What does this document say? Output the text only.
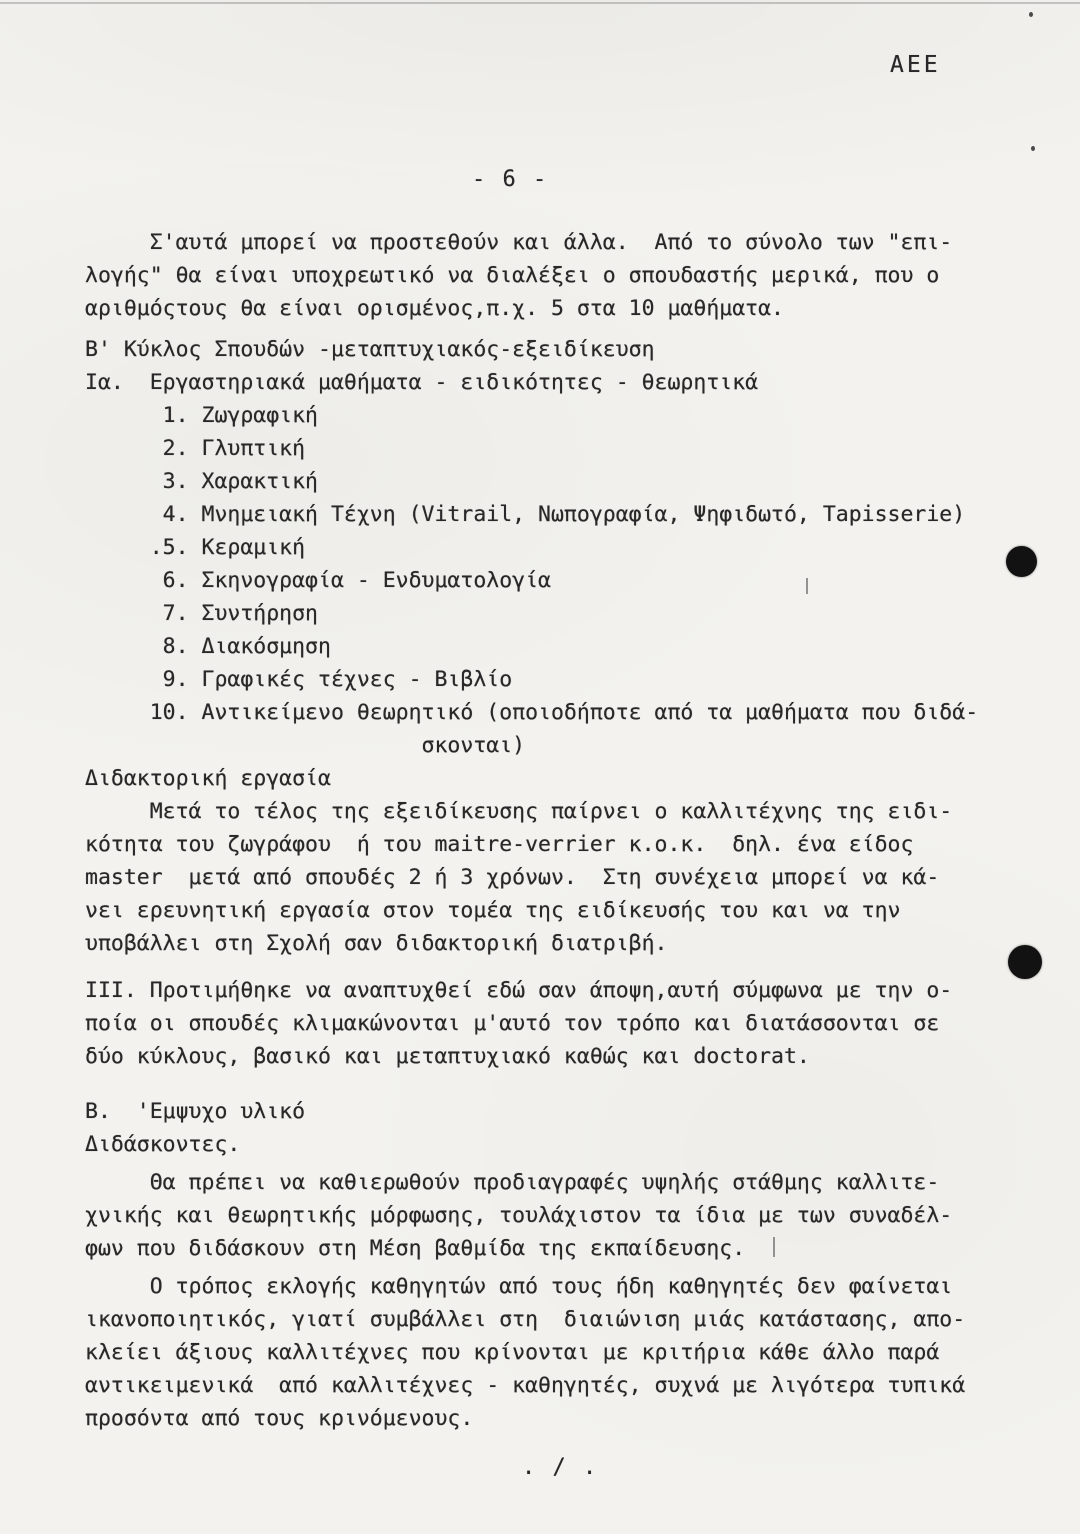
AEE
- 6 -
Σ'αυτά μπορεί να προστεθούν και άλλα.  Από το σύνολο των "επι-
λογής" θα είναι υποχρεωτικό να διαλέξει ο σπουδαστής μερικά, που ο
αριθμόςτους θα είναι ορισμένος,π.χ. 5 στα 10 μαθήματα.
Β' Κύκλος Σπουδών -μεταπτυχιακός-εξειδίκευση
Ια.  Εργαστηριακά μαθήματα - ειδικότητες - θεωρητικά
1. Ζωγραφική
2. Γλυπτική
3. Χαρακτική
4. Μνημειακή Τέχνη (Vitrail, Νωπογραφία, Ψηφιδωτό, Tapisserie)
.5. Κεραμική
6. Σκηνογραφία - Ενδυματολογία
7. Συντήρηση
8. Διακόσμηση
9. Γραφικές τέχνες - Βιβλίο
10. Αντικείμενο θεωρητικό (οποιοδήποτε από τα μαθήματα που διδά-
σκονται)
Διδακτορική εργασία
Μετά το τέλος της εξειδίκευσης παίρνει ο καλλιτέχνης της ειδι-
κότητα του ζωγράφου  ή του maitre-verrier κ.ο.κ.  δηλ. ένα είδος
master  μετά από σπουδές 2 ή 3 χρόνων.  Στη συνέχεια μπορεί να κά-
νει ερευνητική εργασία στον τομέα της ειδίκευσής του και να την
υποβάλλει στη Σχολή σαν διδακτορική διατριβή.
III. Προτιμήθηκε να αναπτυχθεί εδώ σαν άποψη,αυτή σύμφωνα με την ο-
ποία οι σπουδές κλιμακώνονται μ'αυτό τον τρόπο και διατάσσονται σε
δύο κύκλους, βασικό και μεταπτυχιακό καθώς και doctorat.
Β.  'Εμψυχο υλικό
Διδάσκοντες.
Θα πρέπει να καθιερωθούν προδιαγραφές υψηλής στάθμης καλλιτε-
χνικής και θεωρητικής μόρφωσης, τουλάχιστον τα ίδια με των συναδέλ-
φων που διδάσκουν στη Μέση βαθμίδα της εκπαίδευσης.
Ο τρόπος εκλογής καθηγητών από τους ήδη καθηγητές δεν φαίνεται
ικανοποιητικός, γιατί συμβάλλει στη  διαιώνιση μιάς κατάστασης, απο-
κλείει άξιους καλλιτέχνες που κρίνονται με κριτήρια κάθε άλλο παρά
αντικειμενικά  από καλλιτέχνες - καθηγητές, συχνά με λιγότερα τυπικά
προσόντα από τους κρινόμενους.
. / .
